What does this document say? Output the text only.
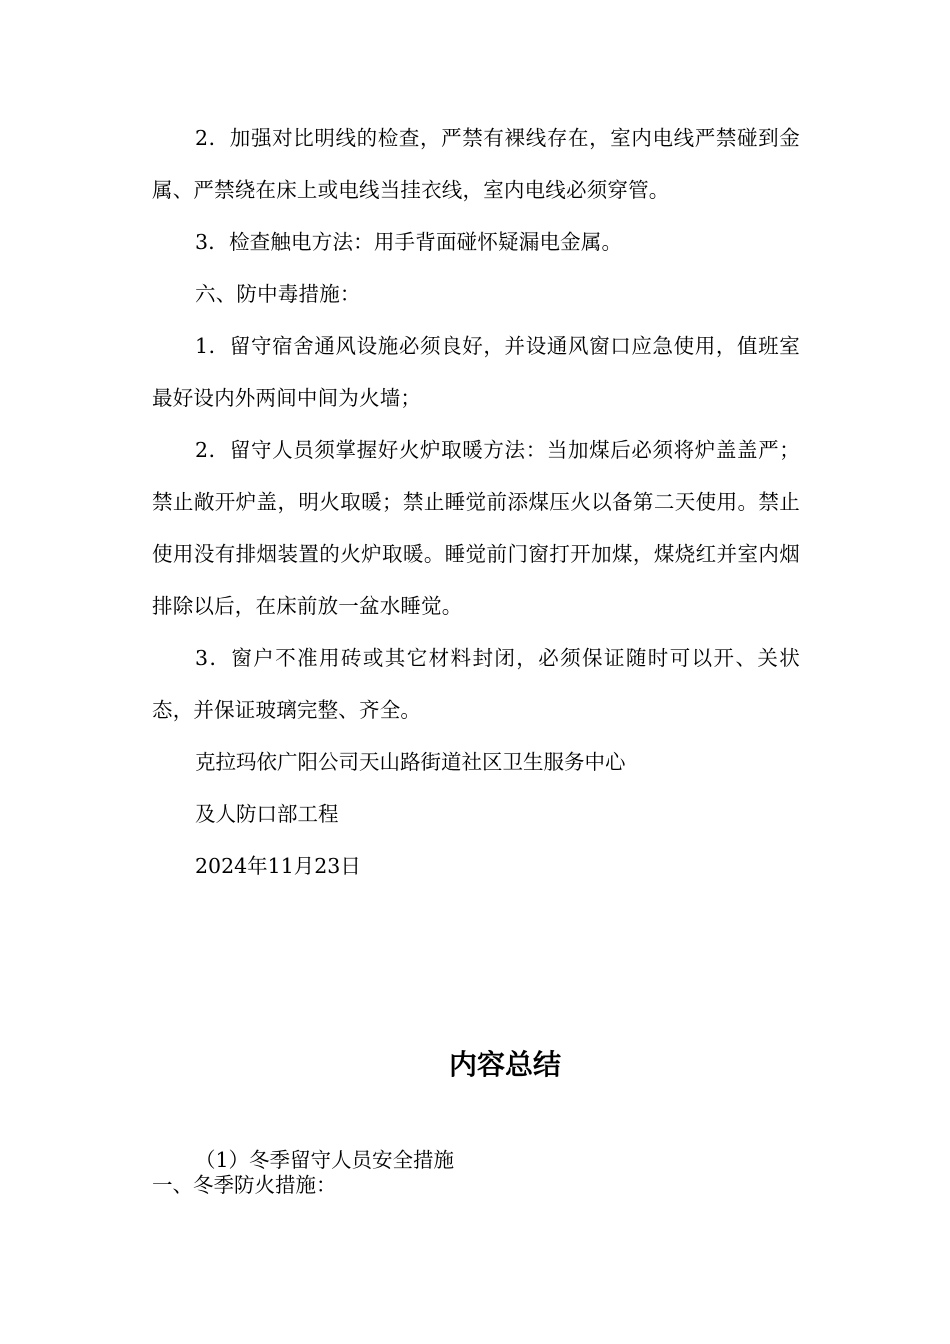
2．加强对比明线的检查，严禁有裸线存在，室内电线严禁碰到金属、严禁绕在床上或电线当挂衣线，室内电线必须穿管。

3．检查触电方法：用手背面碰怀疑漏电金属。

六、防中毒措施：

1．留守宿舍通风设施必须良好，并设通风窗口应急使用，值班室最好设内外两间中间为火墙；

2．留守人员须掌握好火炉取暖方法：当加煤后必须将炉盖盖严；禁止敞开炉盖，明火取暖；禁止睡觉前添煤压火以备第二天使用。禁止使用没有排烟装置的火炉取暖。睡觉前门窗打开加煤，煤烧红并室内烟排除以后，在床前放一盆水睡觉。

3．窗户不准用砖或其它材料封闭，必须保证随时可以开、关状态，并保证玻璃完整、齐全。

克拉玛依广阳公司天山路街道社区卫生服务中心

及人防口部工程

2024年11月23日

内容总结

（1）冬季留守人员安全措施

一、冬季防火措施：
